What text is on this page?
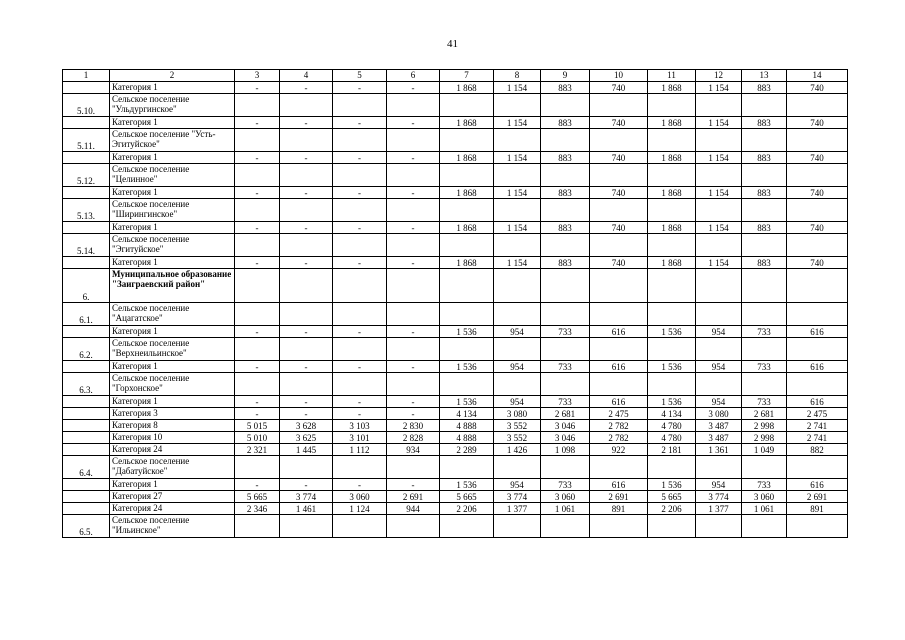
41
1	2	3	4	5	6	7	8	9	10	11	12	13	14
	Категория 1	-	-	-	-	1 868	1 154	883	740	1 868	1 154	883	740
5.10.	Сельское поселение "Ульдургинское"												
	Категория 1	-	-	-	-	1 868	1 154	883	740	1 868	1 154	883	740
5.11.	Сельское поселение "Усть-Эгитуйское"												
	Категория 1	-	-	-	-	1 868	1 154	883	740	1 868	1 154	883	740
5.12.	Сельское поселение "Целинное"												
	Категория 1	-	-	-	-	1 868	1 154	883	740	1 868	1 154	883	740
5.13.	Сельское поселение "Ширингинское"												
	Категория 1	-	-	-	-	1 868	1 154	883	740	1 868	1 154	883	740
5.14.	Сельское поселение "Эгитуйское"												
	Категория 1	-	-	-	-	1 868	1 154	883	740	1 868	1 154	883	740
6.	Муниципальное образование "Заиграевский район"												
6.1.	Сельское поселение "Ацагатское"												
	Категория 1	-	-	-	-	1 536	954	733	616	1 536	954	733	616
6.2.	Сельское поселение "Верхнеильинское"												
	Категория 1	-	-	-	-	1 536	954	733	616	1 536	954	733	616
6.3.	Сельское поселение "Горхонское"												
	Категория 1	-	-	-	-	1 536	954	733	616	1 536	954	733	616
	Категория 3	-	-	-	-	4 134	3 080	2 681	2 475	4 134	3 080	2 681	2 475
	Категория 8	5 015	3 628	3 103	2 830	4 888	3 552	3 046	2 782	4 780	3 487	2 998	2 741
	Категория 10	5 010	3 625	3 101	2 828	4 888	3 552	3 046	2 782	4 780	3 487	2 998	2 741
	Категория 24	2 321	1 445	1 112	934	2 289	1 426	1 098	922	2 181	1 361	1 049	882
6.4.	Сельское поселение "Дабатуйское"												
	Категория 1	-	-	-	-	1 536	954	733	616	1 536	954	733	616
	Категория 27	5 665	3 774	3 060	2 691	5 665	3 774	3 060	2 691	5 665	3 774	3 060	2 691
	Категория 24	2 346	1 461	1 124	944	2 206	1 377	1 061	891	2 206	1 377	1 061	891
6.5.	Сельское поселение "Ильинское"												
